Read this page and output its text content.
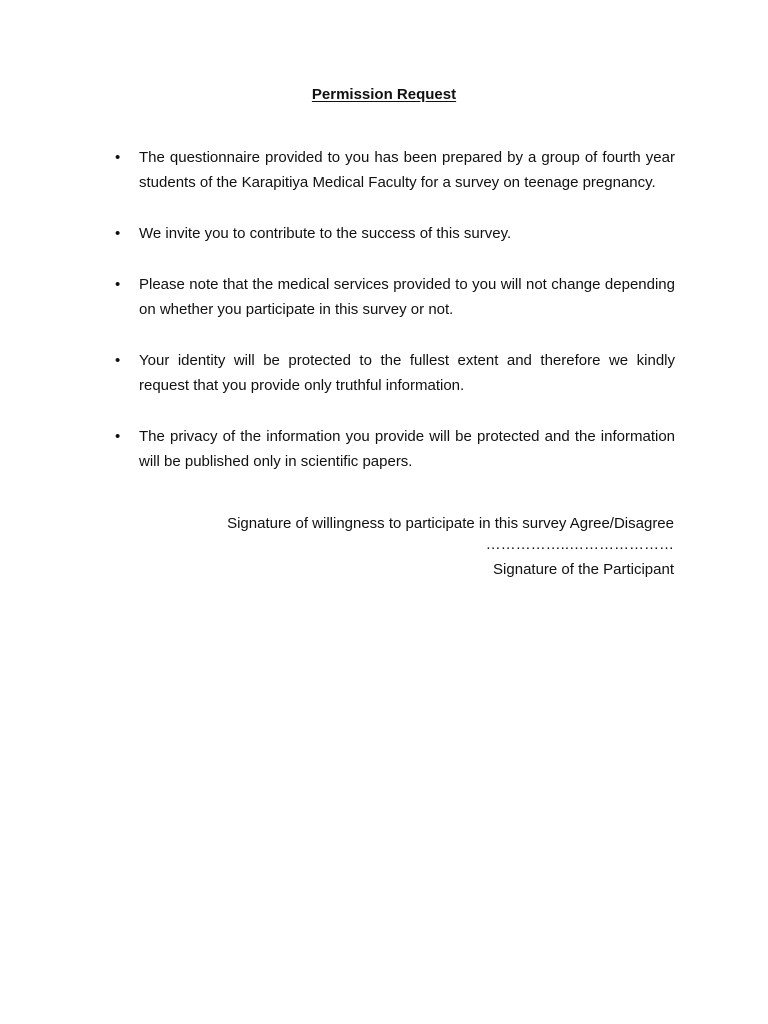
Permission Request
• The questionnaire provided to you has been prepared by a group of fourth year students of the Karapitiya Medical Faculty for a survey on teenage pregnancy.
• We invite you to contribute to the success of this survey.
• Please note that the medical services provided to you will not change depending on whether you participate in this survey or not.
• Your identity will be protected to the fullest extent and therefore we kindly request that you provide only truthful information.
• The privacy of the information you provide will be protected and the information will be published only in scientific papers.
Signature of willingness to participate in this survey Agree/Disagree
……………..…………………
Signature of the Participant
